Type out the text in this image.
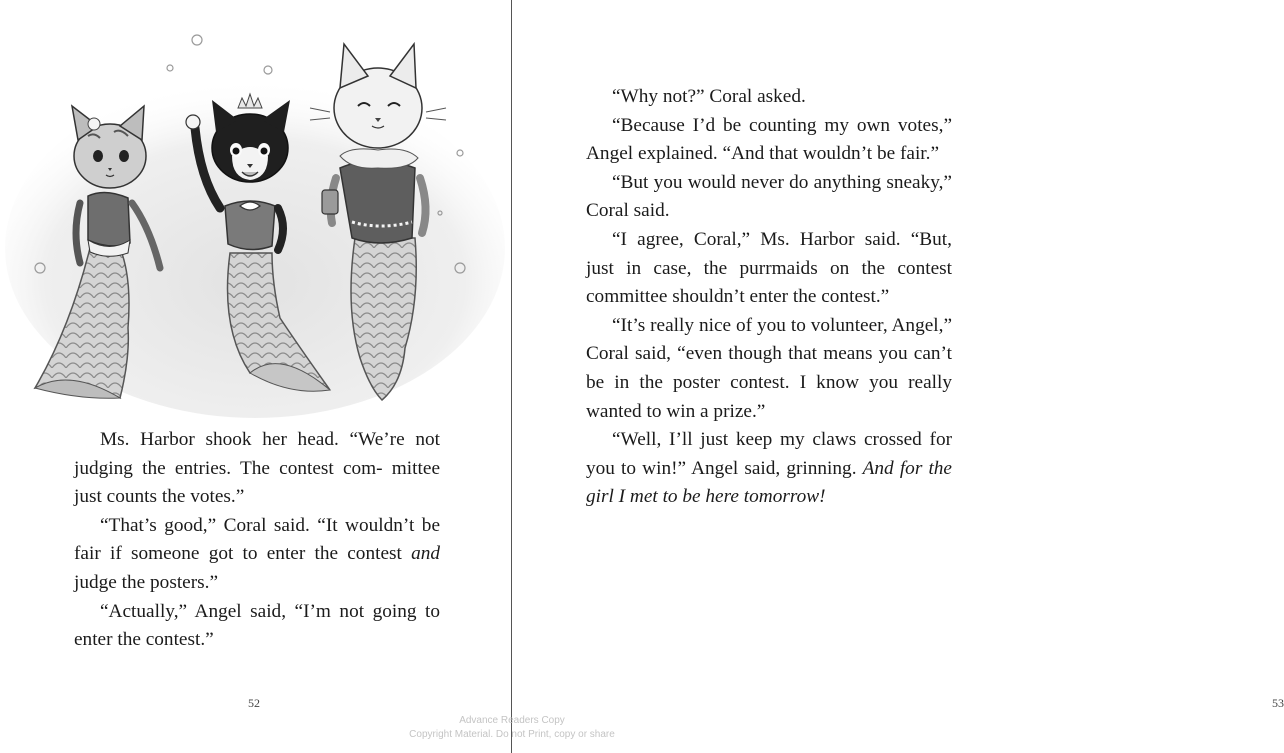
Ms. Harbor shook her head. “We’re not judging the entries. The contest com- mittee just counts the votes.”

“That’s good,” Coral said. “It wouldn’t be fair if someone got to enter the contest and judge the posters.”

“Actually,” Angel said, “I’m not going to enter the contest.”

52	53

“Why not?” Coral asked.

“Because I’d be counting my own votes,” Angel explained. “And that wouldn’t be fair.”

“But you would never do anything sneaky,” Coral said.

“I agree, Coral,” Ms. Harbor said. “But, just in case, the purrmaids on the contest committee shouldn’t enter the contest.”

“It’s really nice of you to volunteer, Angel,” Coral said, “even though that means you can’t be in the poster contest. I know you really wanted to win a prize.”

“Well, I’ll just keep my claws crossed for you to win!” Angel said, grinning. And for the girl I met to be here tomorrow!

Advance Readers Copy
Copyright Material. Do not Print, copy or share
